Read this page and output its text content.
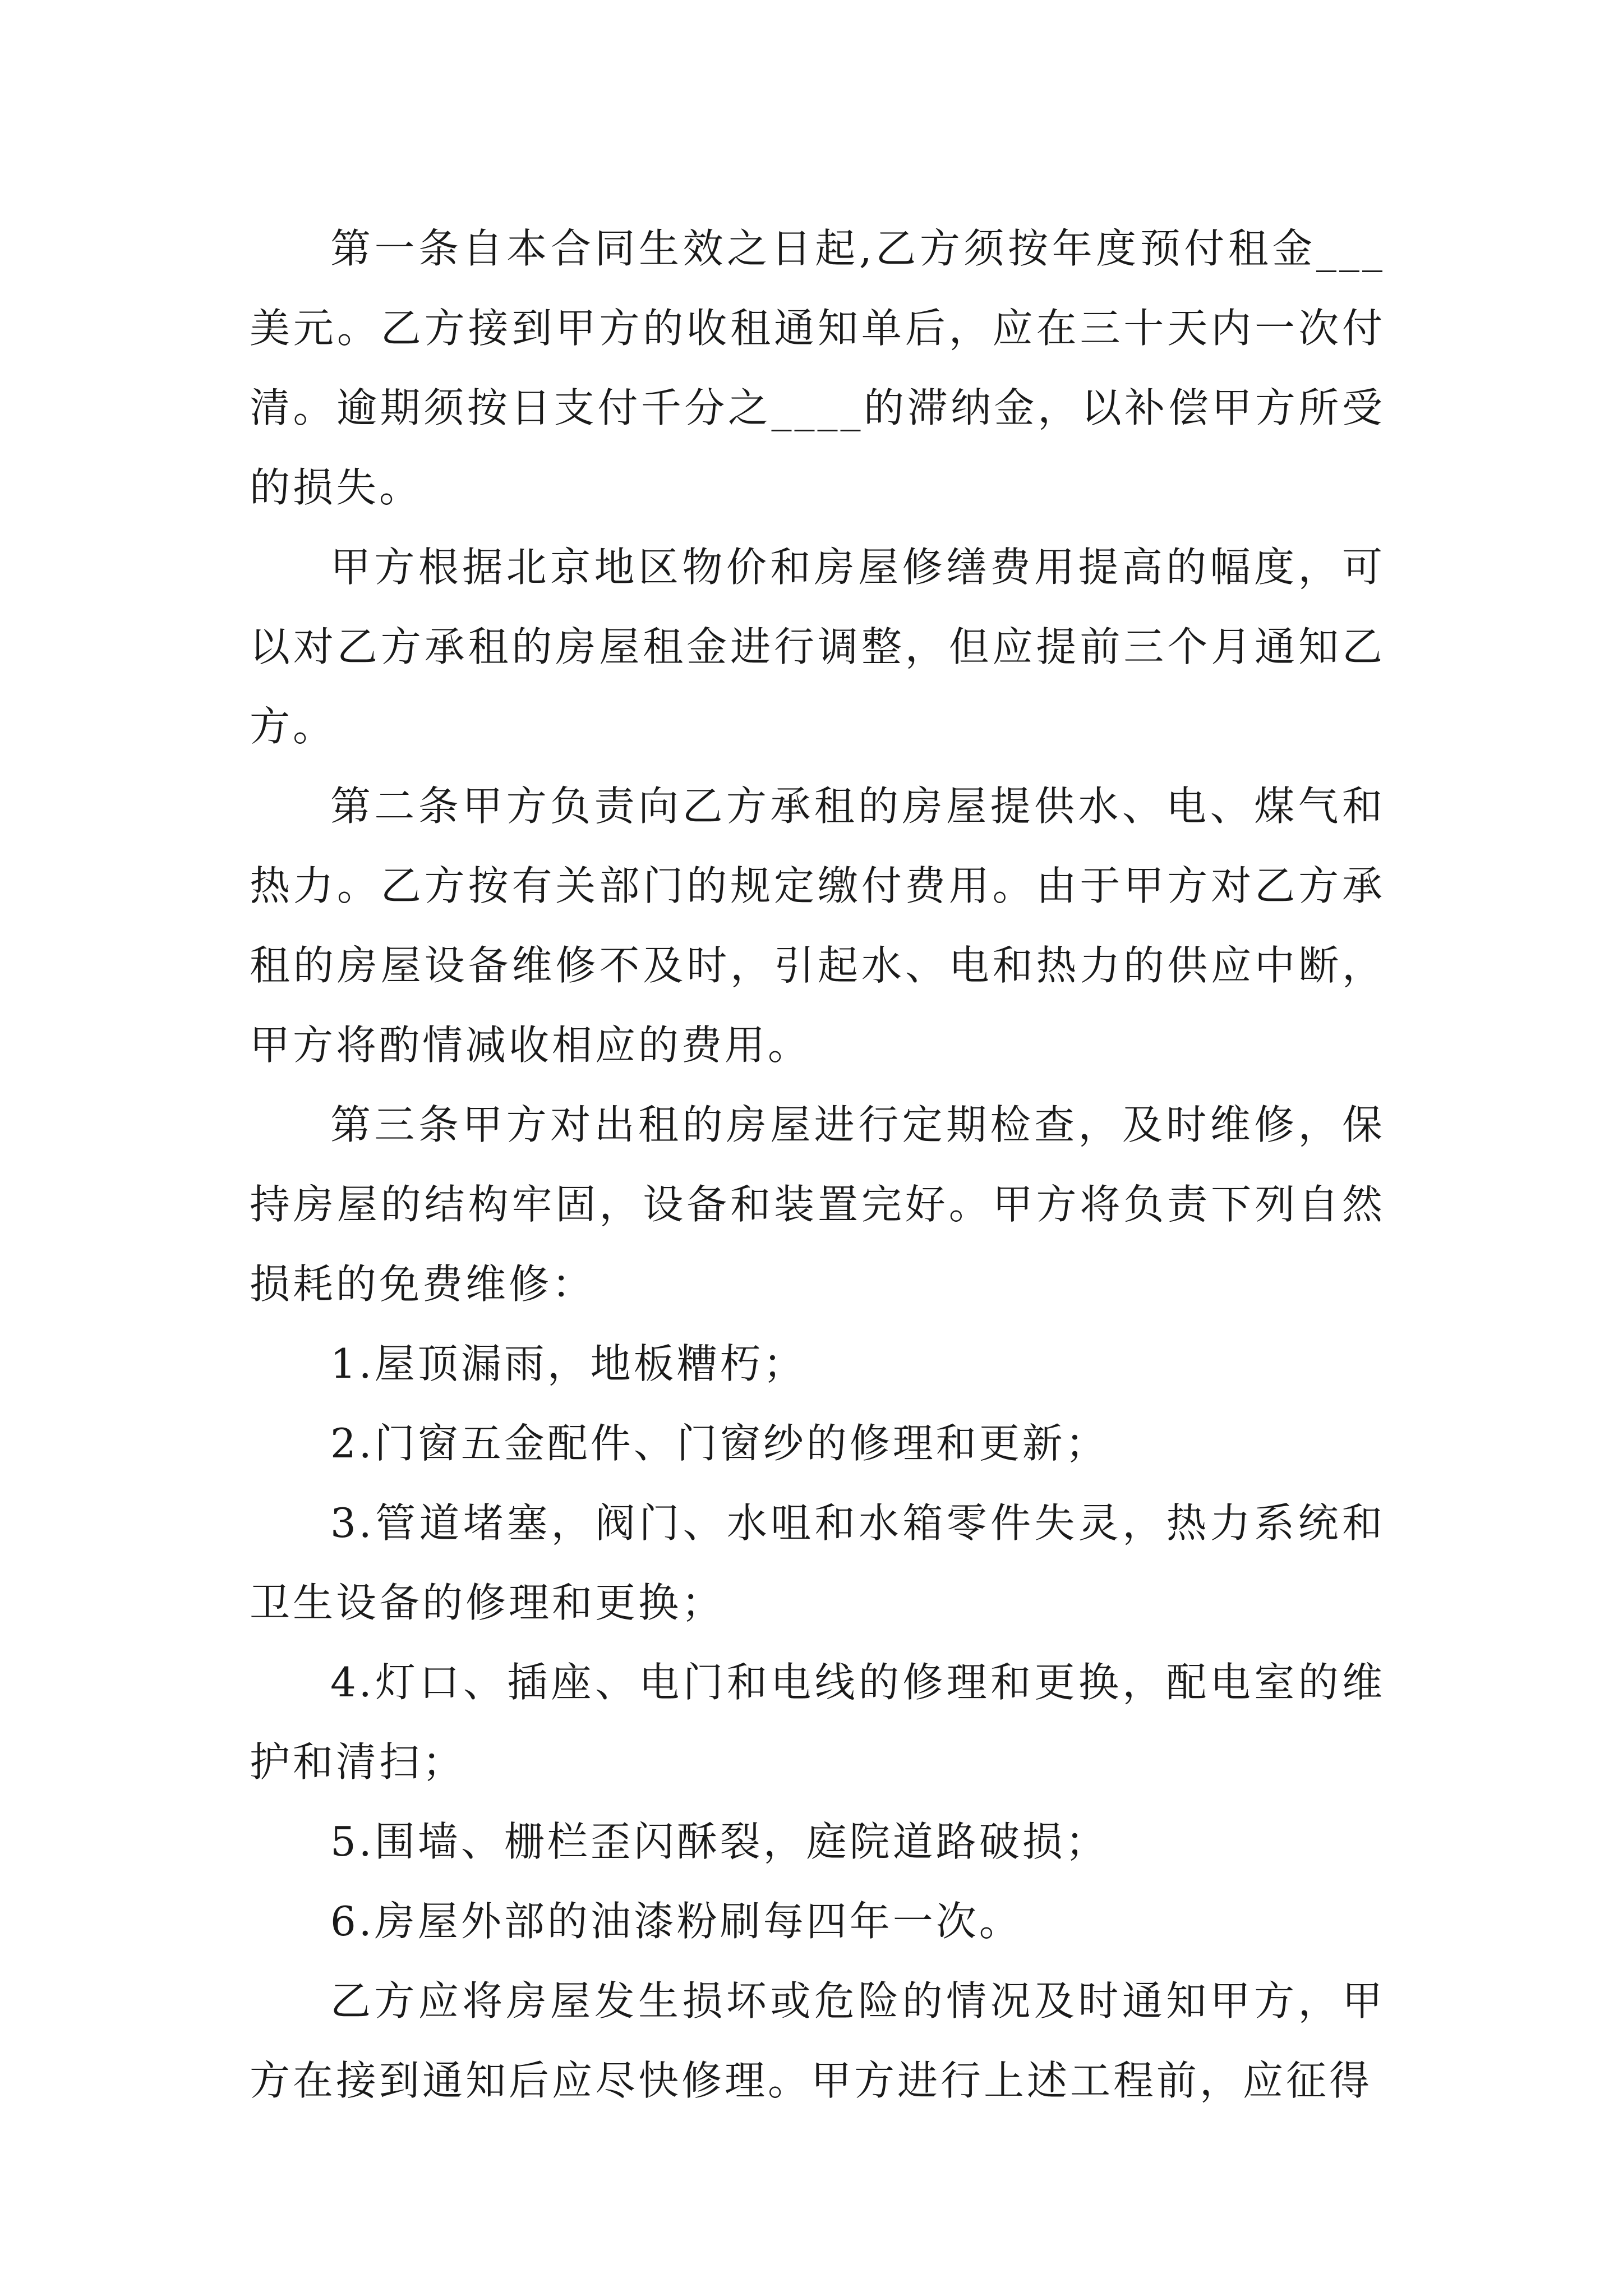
第一条自本合同生效之日起,乙方须按年度预付租金___美元。乙方接到甲方的收租通知单后，应在三十天内一次付清。逾期须按日支付千分之____的滞纳金，以补偿甲方所受的损失。

甲方根据北京地区物价和房屋修缮费用提高的幅度，可以对乙方承租的房屋租金进行调整，但应提前三个月通知乙方。

第二条甲方负责向乙方承租的房屋提供水、电、煤气和热力。乙方按有关部门的规定缴付费用。由于甲方对乙方承租的房屋设备维修不及时，引起水、电和热力的供应中断，甲方将酌情减收相应的费用。

第三条甲方对出租的房屋进行定期检查，及时维修，保持房屋的结构牢固，设备和装置完好。甲方将负责下列自然损耗的免费维修：

1.屋顶漏雨，地板糟朽；

2.门窗五金配件、门窗纱的修理和更新；

3.管道堵塞，阀门、水咀和水箱零件失灵，热力系统和卫生设备的修理和更换；

4.灯口、插座、电门和电线的修理和更换，配电室的维护和清扫；

5.围墙、栅栏歪闪酥裂，庭院道路破损；

6.房屋外部的油漆粉刷每四年一次。

乙方应将房屋发生损坏或危险的情况及时通知甲方，甲方在接到通知后应尽快修理。甲方进行上述工程前，应征得
